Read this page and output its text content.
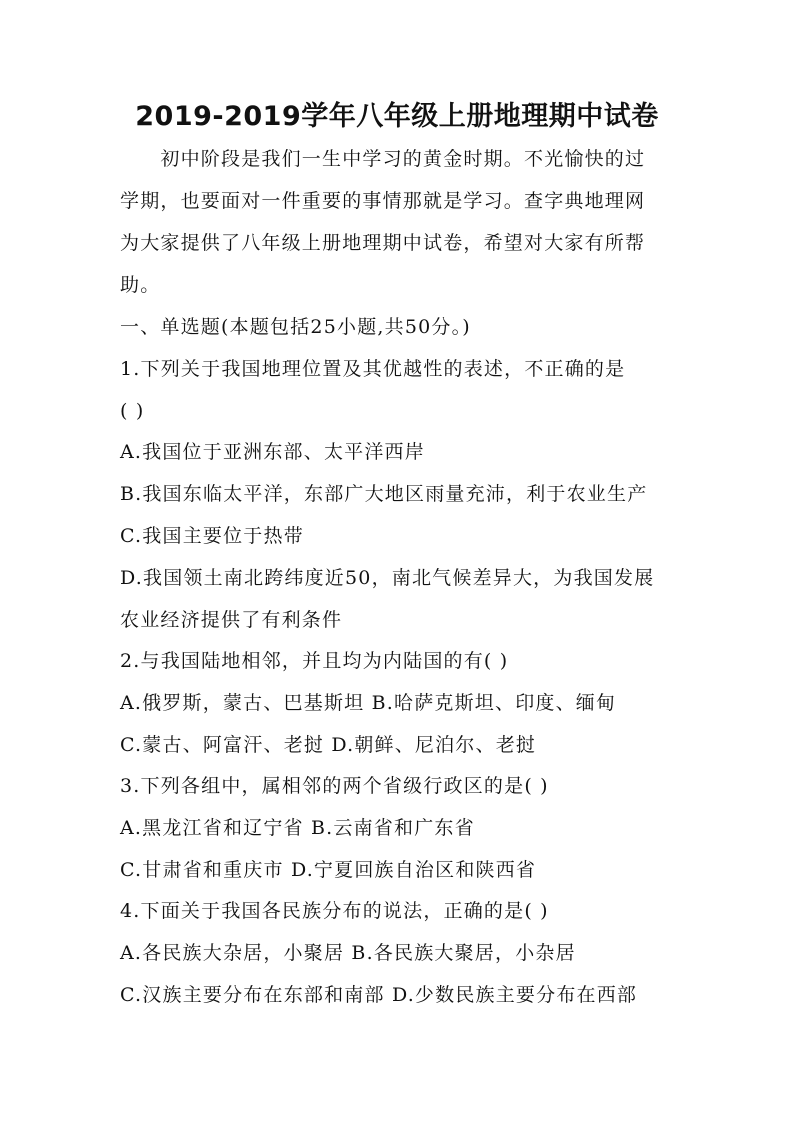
2019-2019学年八年级上册地理期中试卷
　　初中阶段是我们一生中学习的黄金时期。不光愉快的过
学期，也要面对一件重要的事情那就是学习。查字典地理网
为大家提供了八年级上册地理期中试卷，希望对大家有所帮
助。
一、单选题(本题包括25小题,共50分。)
1.下列关于我国地理位置及其优越性的表述，不正确的是
( )
A.我国位于亚洲东部、太平洋西岸
B.我国东临太平洋，东部广大地区雨量充沛，利于农业生产
C.我国主要位于热带
D.我国领土南北跨纬度近50，南北气候差异大，为我国发展
农业经济提供了有利条件
2.与我国陆地相邻，并且均为内陆国的有( )
A.俄罗斯，蒙古、巴基斯坦 B.哈萨克斯坦、印度、缅甸
C.蒙古、阿富汗、老挝 D.朝鲜、尼泊尔、老挝
3.下列各组中，属相邻的两个省级行政区的是( )
A.黑龙江省和辽宁省 B.云南省和广东省
C.甘肃省和重庆市 D.宁夏回族自治区和陕西省
4.下面关于我国各民族分布的说法，正确的是( )
A.各民族大杂居，小聚居 B.各民族大聚居，小杂居
C.汉族主要分布在东部和南部 D.少数民族主要分布在西部
